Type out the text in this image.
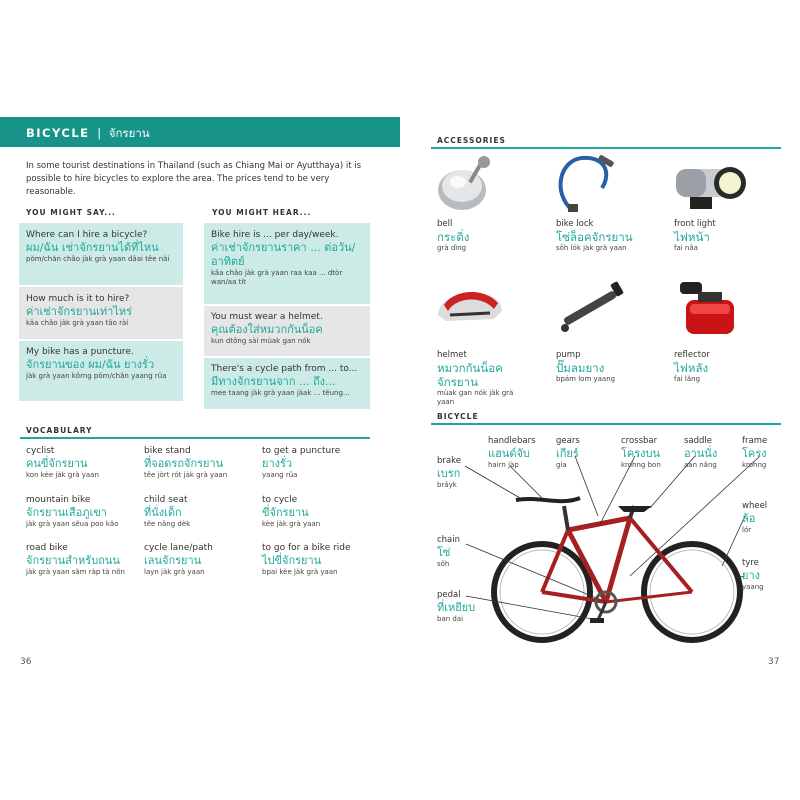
BICYCLE | จักรยาน
In some tourist destinations in Thailand (such as Chiang Mai or Ayutthaya) it is possible to hire bicycles to explore the area. The prices tend to be very reasonable.
YOU MIGHT SAY...	YOU MIGHT HEAR...
Where can I hire a bicycle?
ผม/ฉัน เช่าจักรยานได้ที่ไหน
pŏm/chăn châo jàk grà yaan dâai têe năi
How much is it to hire?
ค่าเช่าจักรยานเท่าไหร่
kâa châo jàk grà yaan tâo rài
My bike has a puncture.
จักรยานของ ผม/ฉัน ยางรั่ว
jàk grà yaan kŏrng pŏm/chăn yaang rûa
Bike hire is ... per day/week.
ค่าเช่าจักรยานราคา ... ต่อวัน/อาทิตย์
kâa châo jàk grà yaan raa kaa ... dtòr wan/aa tít
You must wear a helmet.
คุณต้องใส่หมวกกันน็อค
kun dtông sài mùak gan nók
There's a cycle path from ... to...
มีทางจักรยานจาก ... ถึง...
mee taang jàk grà yaan jàak ... tĕung...
VOCABULARY
cyclist
คนขี่จักรยาน
kon kèe jàk grà yaan
bike stand
ที่จอดรถจักรยาน
têe jòrt rót jàk grà yaan
to get a puncture
ยางรั่ว
yaang rûa
mountain bike
จักรยานเสือภูเขา
jàk grà yaan sĕua poo kăo
child seat
ที่นั่งเด็ก
têe nâng dèk
to cycle
ขี่จักรยาน
kèe jàk grà yaan
road bike
จักรยานสำหรับถนน
jàk grà yaan săm ràp tà nŏn
cycle lane/path
เลนจักรยาน
layn jàk grà yaan
to go for a bike ride
ไปขี่จักรยาน
bpai kèe jàk grà yaan
36
ACCESSORIES
bell
กระดิ่ง
grà dìng
bike lock
โซ่ล็อคจักรยาน
sôh lók jàk grà yaan
front light
ไฟหน้า
fai nâa
helmet
หมวกกันน็อคจักรยาน
mùak gan nók jàk grà yaan
pump
ปั๊มลมยาง
bpám lom yaang
reflector
ไฟหลัง
fai lăng
BICYCLE
brake
เบรก
brâyk
handlebars
แฮนด์จับ
hairn jàp
gears
เกียร์
gia
crossbar
โครงบน
krohng bon
saddle
อานนั่ง
aan nâng
frame
โครง
krohng
wheel
ล้อ
lór
chain
โซ่
sôh	tyre
ยาง
yaang
pedal
ที่เหยียบ
ban dai
37
